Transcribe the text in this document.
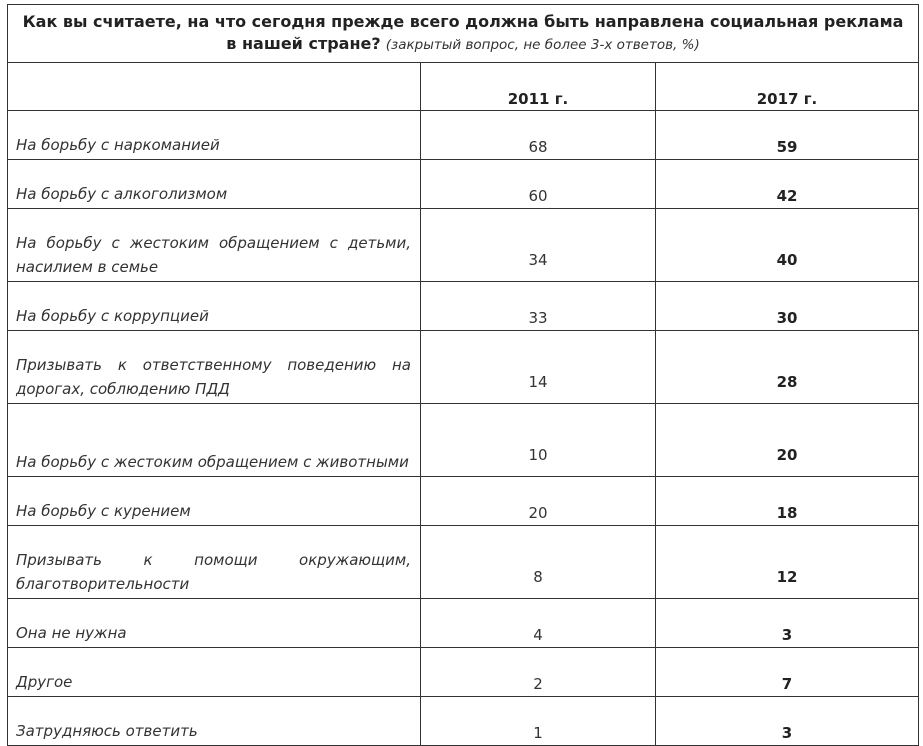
Как вы считаете, на что сегодня прежде всего должна быть направлена социальная реклама в нашей стране? (закрытый вопрос, не более 3-х ответов, %)		
	2011 г.	2017 г.
На борьбу с наркоманией	68	59
На борьбу с алкоголизмом	60	42
На борьбу с жестоким обращением с детьми, насилием в семье	34	40
На борьбу с коррупцией	33	30
Призывать к ответственному поведению на дорогах, соблюдению ПДД	14	28
На борьбу с жестоким обращением с животными	10	20
На борьбу с курением	20	18
Призывать к помощи окружающим, благотворительности	8	12
Она не нужна	4	3
Другое	2	7
Затрудняюсь ответить	1	3
